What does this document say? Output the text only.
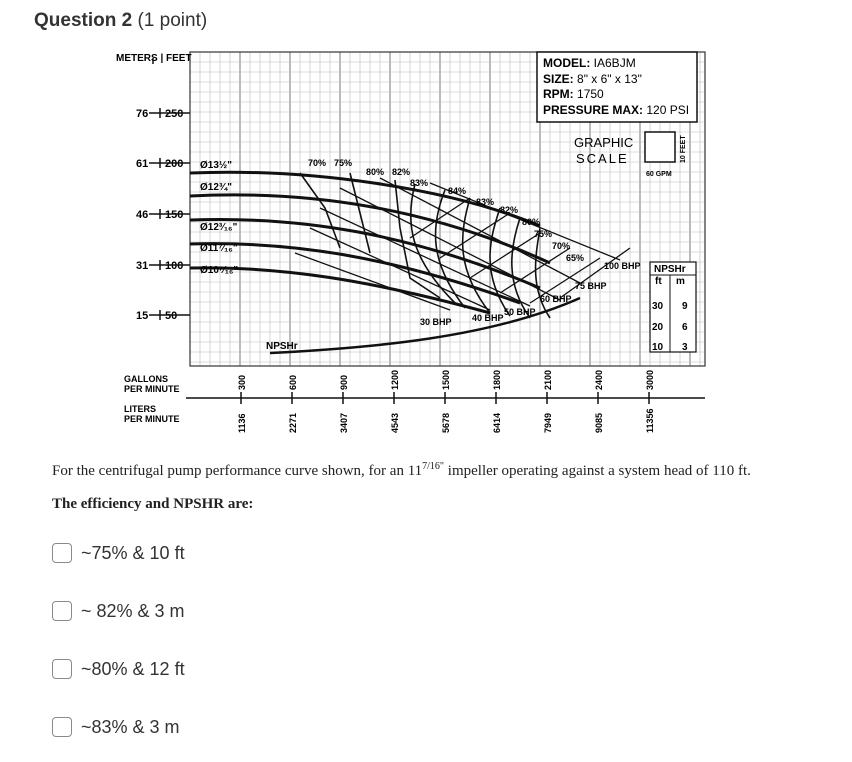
Question 2 (1 point)
METERS | FEET
76 250
61 200
46 150
31 100
15 50
GALLONS
PER MINUTE
LITERS
PER MINUTE
300
1136
600
2271
900
3407
1200
4543
1500
5678
1800
6414
2100
7949
2400
9085
3000
11356
Ø13½"
Ø12¾"
Ø12³⁄₁₆"
Ø11⁷⁄₁₆"
Ø10⁷⁄₁₆"
70% 75%
80% 82%
83%
84%
83%
82%
80%
75%
70%
65%
30 BHP 40 BHP
50 BHP
60 BHP
75 BHP
100 BHP
NPSHr
MODEL: IA6BJM
SIZE: 8" x 6" x 13"
RPM: 1750
PRESSURE MAX: 120 PSI
GRAPHIC
SCALE
60 GPM
10 FEET
NPSHr
ft m
30 9
20 6
10 3
For the centrifugal pump performance curve shown, for an $11^{7/16"}$ impeller operating against a system head of 110 ft.
The efficiency and NPSHR are:
~75% & 10 ft
~ 82% & 3 m
~80% & 12 ft
~83% & 3 m
